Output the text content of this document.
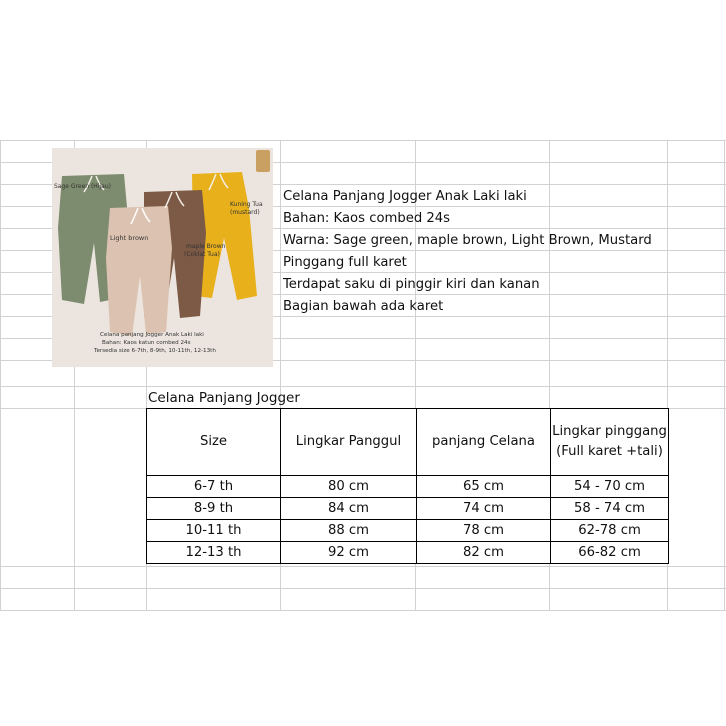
Sage Green (Hijau)
Light brown
maple Brown
(Coklat Tua)
Kuning Tua
(mustard)
Celana panjang Jogger Anak Laki laki
Bahan: Kaos katun combed 24s
Tersedia size 6-7th, 8-9th, 10-11th, 12-13th
Celana Panjang Jogger Anak Laki laki
Bahan: Kaos combed 24s
Warna: Sage green, maple brown, Light Brown, Mustard
Pinggang full karet
Terdapat saku di pinggir kiri dan kanan
Bagian bawah ada karet
Celana Panjang Jogger
Size	Lingkar Panggul	panjang Celana	Lingkar pinggang (Full karet +tali)
6-7 th	80 cm	65 cm	54 - 70 cm
8-9 th	84 cm	74 cm	58 - 74 cm
10-11 th	88 cm	78 cm	62-78 cm
12-13 th	92 cm	82 cm	66-82 cm
